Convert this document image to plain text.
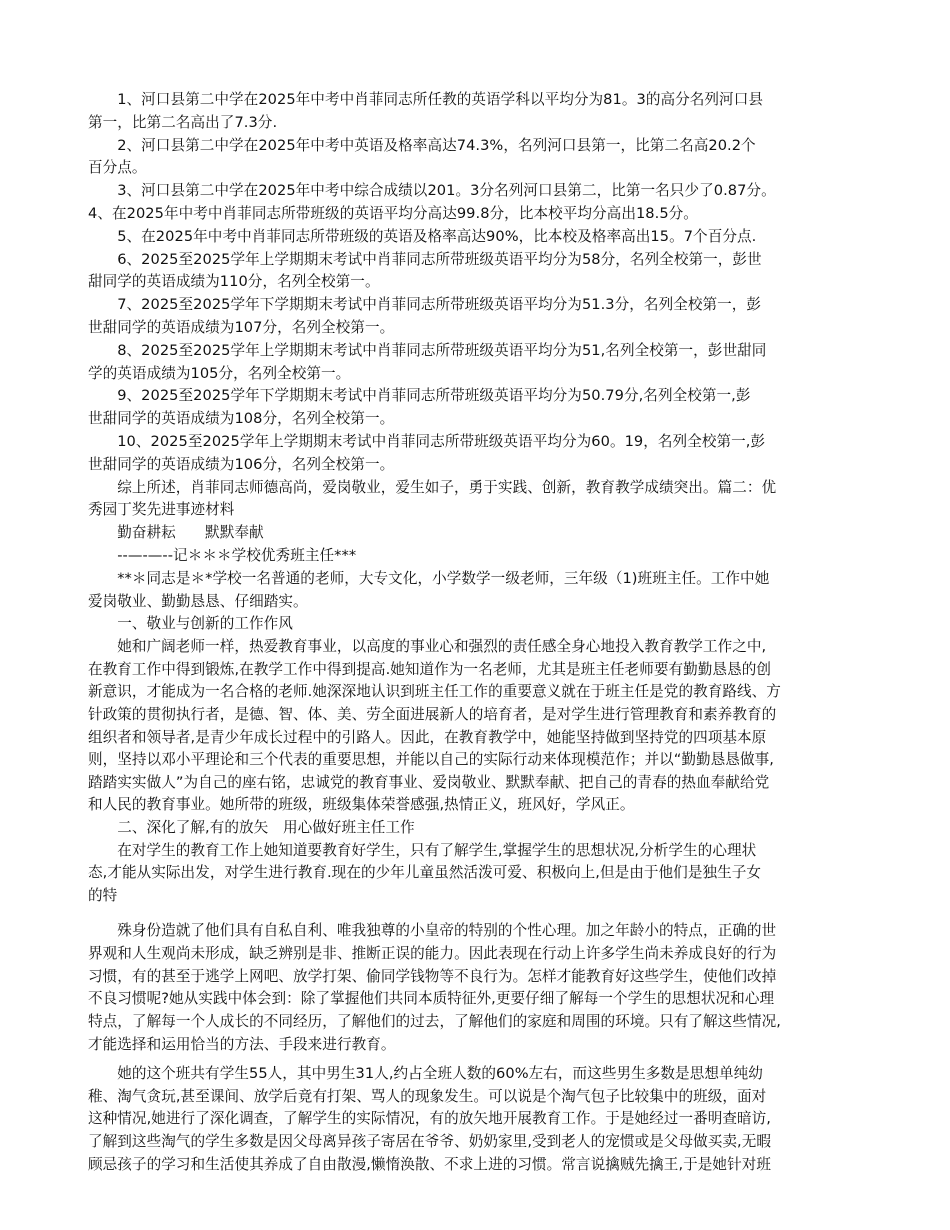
1、河口县第二中学在2025年中考中肖菲同志所任教的英语学科以平均分为81。3的高分名列河口县
第一，比第二名高出了7.3分.
2、河口县第二中学在2025年中考中英语及格率高达74.3%，名列河口县第一，比第二名高20.2个
百分点。
3、河口县第二中学在2025年中考中综合成绩以201。3分名列河口县第二，比第一名只少了0.87分。
4、在2025年中考中肖菲同志所带班级的英语平均分高达99.8分，比本校平均分高出18.5分。
5、在2025年中考中肖菲同志所带班级的英语及格率高达90%，比本校及格率高出15。7个百分点.
6、2025至2025学年上学期期末考试中肖菲同志所带班级英语平均分为58分，名列全校第一，彭世
甜同学的英语成绩为110分，名列全校第一。
7、2025至2025学年下学期期末考试中肖菲同志所带班级英语平均分为51.3分，名列全校第一，彭
世甜同学的英语成绩为107分，名列全校第一。
8、2025至2025学年上学期期末考试中肖菲同志所带班级英语平均分为51,名列全校第一，彭世甜同
学的英语成绩为105分，名列全校第一。
9、2025至2025学年下学期期末考试中肖菲同志所带班级英语平均分为50.79分,名列全校第一,彭
世甜同学的英语成绩为108分，名列全校第一。
10、2025至2025学年上学期期末考试中肖菲同志所带班级英语平均分为60。19，名列全校第一,彭
世甜同学的英语成绩为106分，名列全校第一。
综上所述，肖菲同志师德高尚，爱岗敬业，爱生如子，勇于实践、创新，教育教学成绩突出。篇二：优
秀园丁奖先进事迹材料
勤奋耕耘　　默默奉献
--—-—--记＊＊＊学校优秀班主任***
**＊同志是＊*学校一名普通的老师，大专文化，小学数学一级老师，三年级（1)班班主任。工作中她
爱岗敬业、勤勤恳恳、仔细踏实。
一、敬业与创新的工作作风
她和广阔老师一样，热爱教育事业，以高度的事业心和强烈的责任感全身心地投入教育教学工作之中,
在教育工作中得到锻炼,在教学工作中得到提高.她知道作为一名老师，尤其是班主任老师要有勤勤恳恳的创
新意识，才能成为一名合格的老师.她深深地认识到班主任工作的重要意义就在于班主任是党的教育路线、方
针政策的贯彻执行者，是德、智、体、美、劳全面进展新人的培育者，是对学生进行管理教育和素养教育的
组织者和领导者,是青少年成长过程中的引路人。因此，在教育教学中，她能坚持做到坚持党的四项基本原
则，坚持以邓小平理论和三个代表的重要思想，并能以自己的实际行动来体现模范作；并以“勤勤恳恳做事,
踏踏实实做人”为自己的座右铭，忠诚党的教育事业、爱岗敬业、默默奉献、把自己的青春的热血奉献给党
和人民的教育事业。她所带的班级，班级集体荣誉感强,热情正义，班风好，学风正。
二、深化了解,有的放矢　用心做好班主任工作
在对学生的教育工作上她知道要教育好学生，只有了解学生,掌握学生的思想状况,分析学生的心理状
态,才能从实际出发，对学生进行教育.现在的少年儿童虽然活泼可爱、积极向上,但是由于他们是独生子女
的特
殊身份造就了他们具有自私自利、唯我独尊的小皇帝的特别的个性心理。加之年龄小的特点，正确的世
界观和人生观尚未形成，缺乏辨别是非、推断正误的能力。因此表现在行动上许多学生尚未养成良好的行为
习惯，有的甚至于逃学上网吧、放学打架、偷同学钱物等不良行为。怎样才能教育好这些学生，使他们改掉
不良习惯呢?她从实践中体会到：除了掌握他们共同本质特征外,更要仔细了解每一个学生的思想状况和心理
特点，了解每一个人成长的不同经历，了解他们的过去，了解他们的家庭和周围的环境。只有了解这些情况,
才能选择和运用恰当的方法、手段来进行教育。
她的这个班共有学生55人，其中男生31人,约占全班人数的60%左右，而这些男生多数是思想单纯幼
稚、淘气贪玩,甚至课间、放学后竟有打架、骂人的现象发生。可以说是个淘气包子比较集中的班级，面对
这种情况,她进行了深化调查，了解学生的实际情况，有的放矢地开展教育工作。于是她经过一番明查暗访,
了解到这些淘气的学生多数是因父母离异孩子寄居在爷爷、奶奶家里,受到老人的宠惯或是父母做买卖,无暇
顾忌孩子的学习和生活使其养成了自由散漫,懒惰涣散、不求上进的习惯。常言说擒贼先擒王,于是她针对班
